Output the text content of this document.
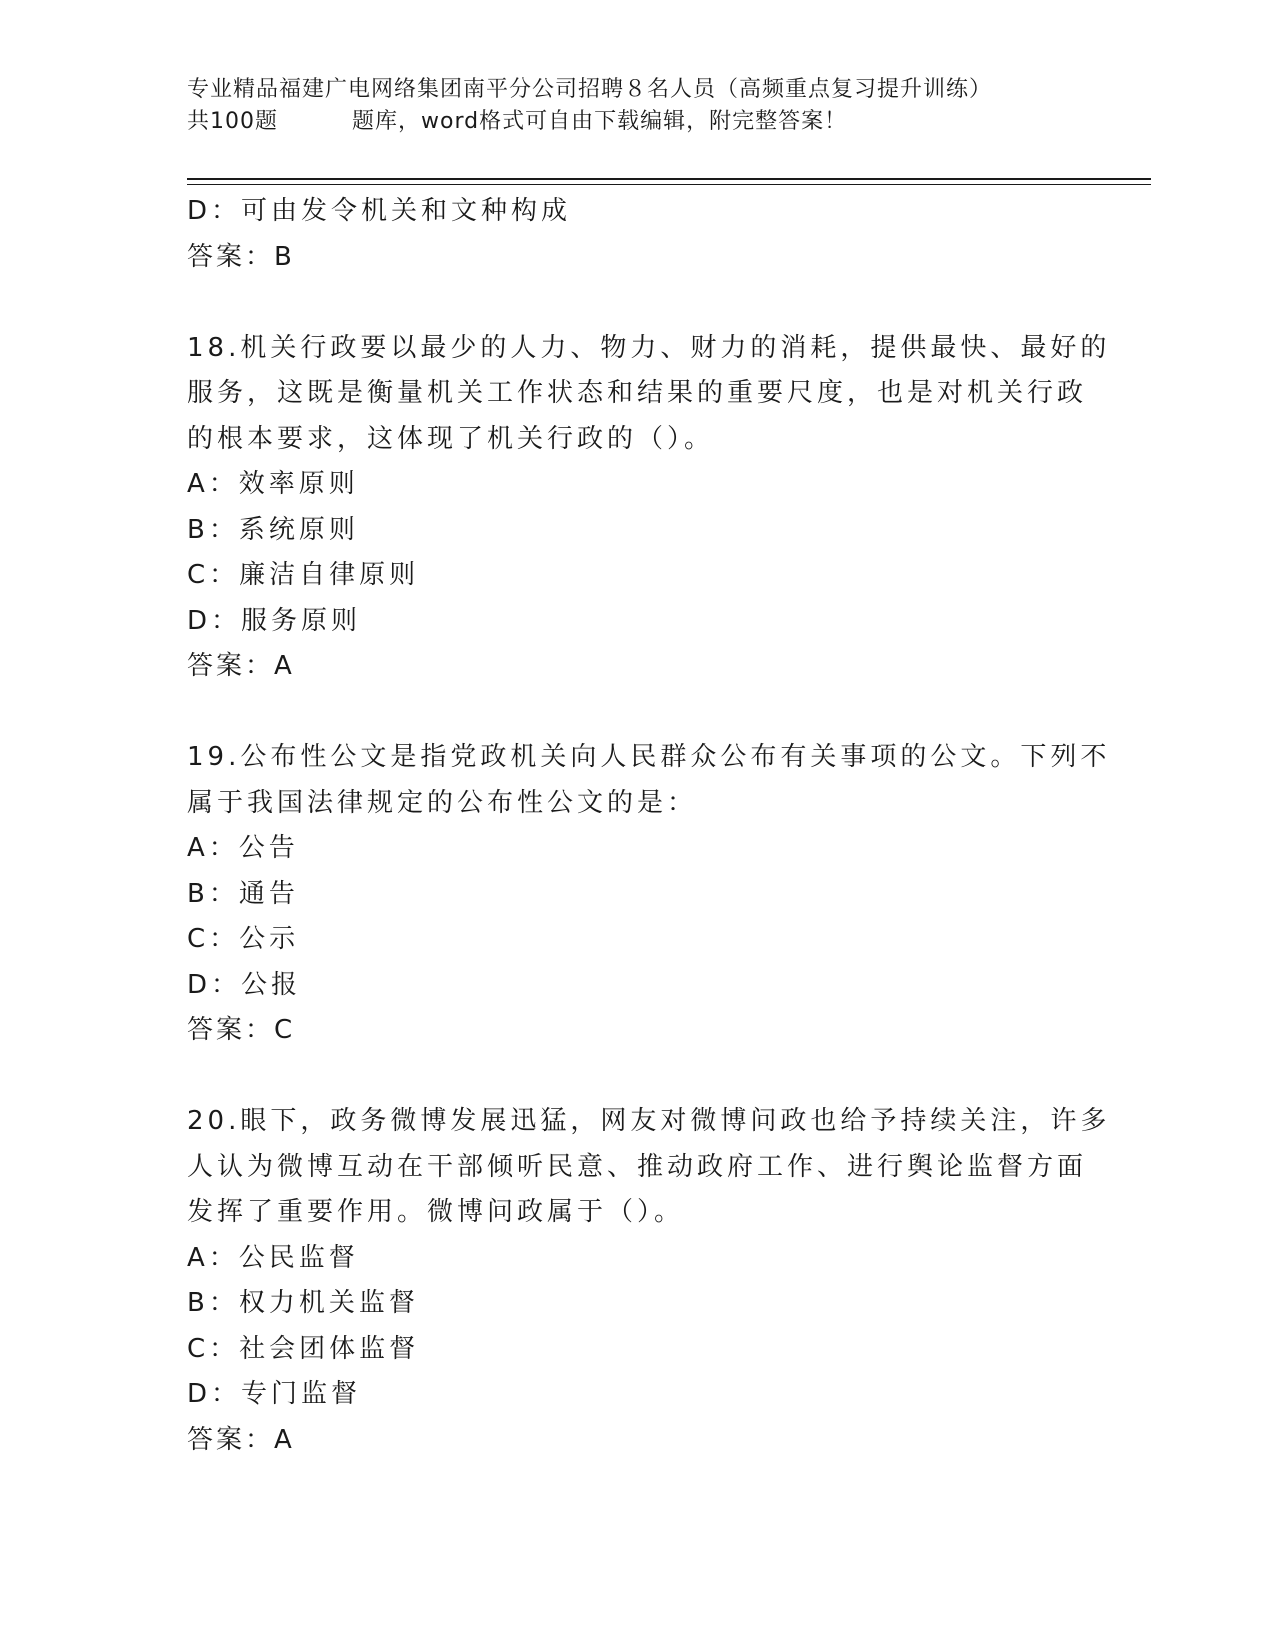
专业精品福建广电网络集团南平分公司招聘８名人员（高频重点复习提升训练）
共100题	题库，word格式可自由下载编辑，附完整答案！
D：可由发令机关和文种构成
答案：B
18.机关行政要以最少的人力、物力、财力的消耗，提供最快、最好的
服务，这既是衡量机关工作状态和结果的重要尺度，也是对机关行政
的根本要求，这体现了机关行政的（）。
A：效率原则
B：系统原则
C：廉洁自律原则
D：服务原则
答案：A
19.公布性公文是指党政机关向人民群众公布有关事项的公文。下列不
属于我国法律规定的公布性公文的是：
A：公告
B：通告
C：公示
D：公报
答案：C
20.眼下，政务微博发展迅猛，网友对微博问政也给予持续关注，许多
人认为微博互动在干部倾听民意、推动政府工作、进行舆论监督方面
发挥了重要作用。微博问政属于（）。
A：公民监督
B：权力机关监督
C：社会团体监督
D：专门监督
答案：A
